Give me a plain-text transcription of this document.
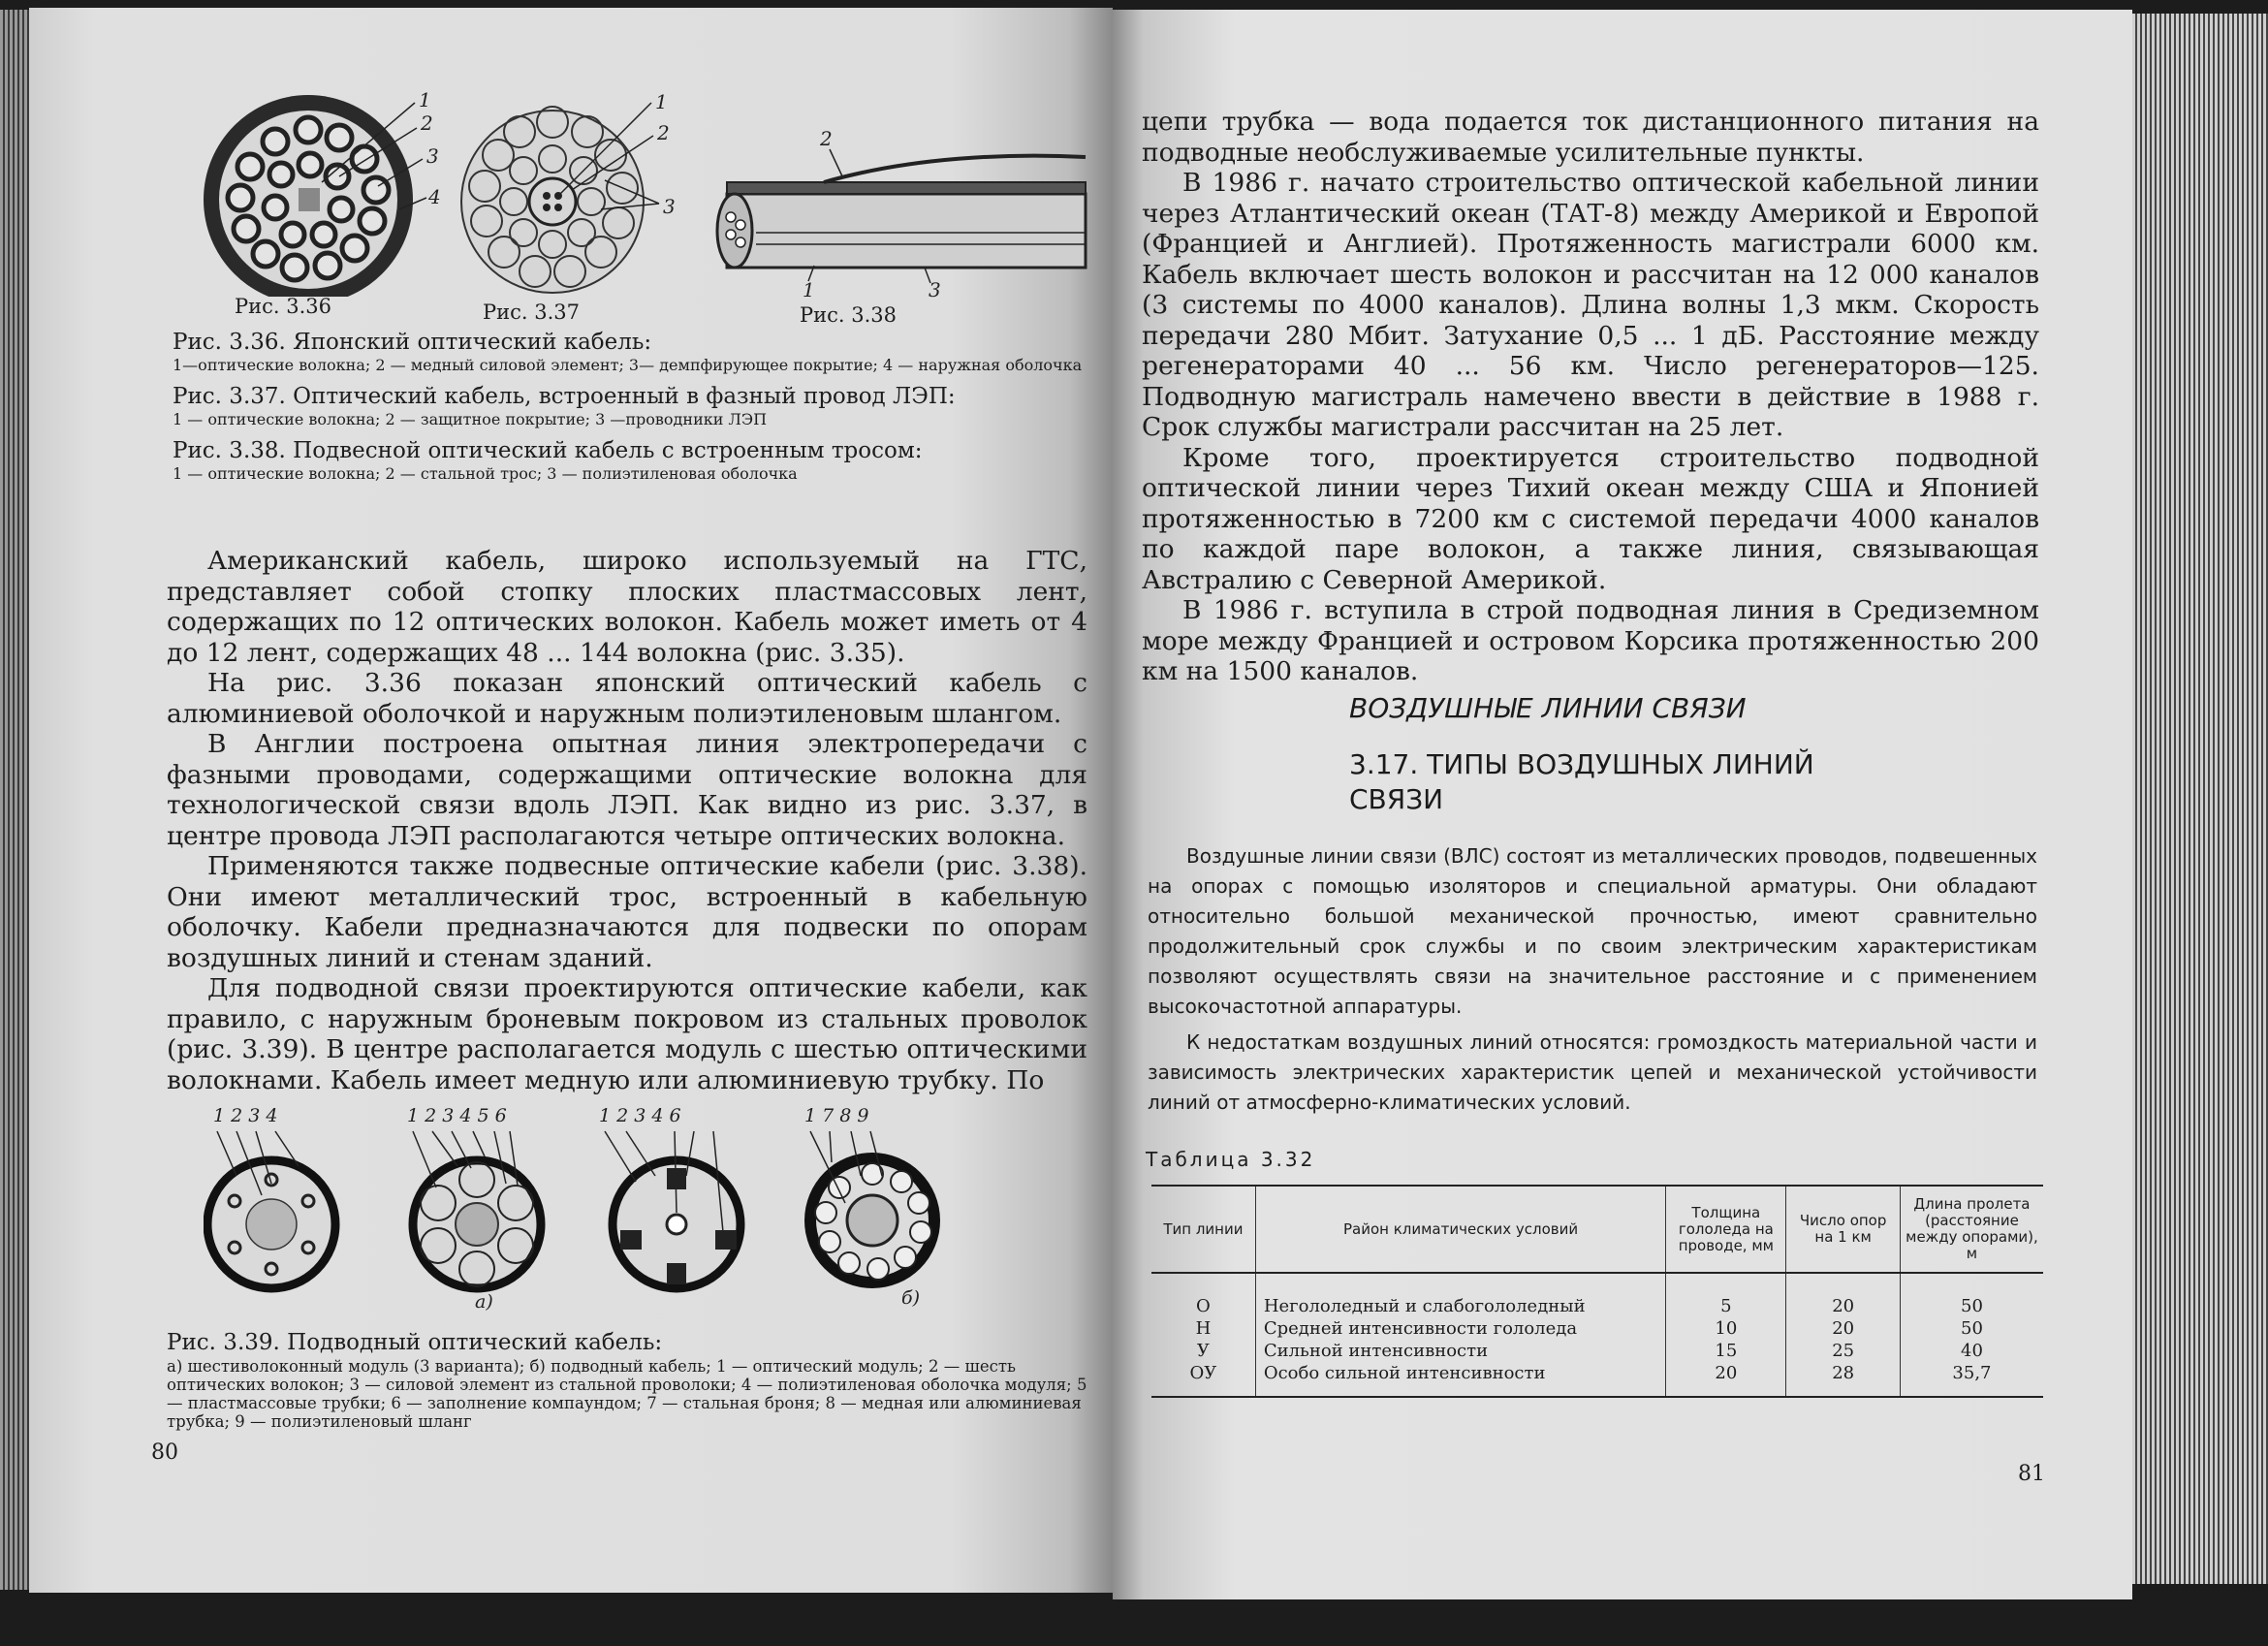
1
2
3
4
Рис. 3.36
1
2
3
Рис. 3.37
2
1	3
Рис. 3.38
Рис. 3.36. Японский оптический кабель:
1—оптические волокна; 2 — медный силовой элемент; 3— демпфирующее покрытие; 4 — наружная оболочка
Рис. 3.37. Оптический кабель, встроенный в фазный провод ЛЭП:
1 — оптические волокна; 2 — защитное покрытие; 3 —проводники ЛЭП
Рис. 3.38. Подвесной оптический кабель с встроенным тросом:
1 — оптические волокна; 2 — стальной трос; 3 — полиэтиленовая оболочка

Американский кабель, широко используемый на ГТС, представляет собой стопку плоских пластмассовых лент, содержащих по 12 оптических волокон. Кабель может иметь от 4 до 12 лент, содержащих 48 ... 144 волокна (рис. 3.35).

На рис. 3.36 показан японский оптический кабель с алюминиевой оболочкой и наружным полиэтиленовым шлангом.

В Англии построена опытная линия электропередачи с фазными проводами, содержащими оптические волокна для технологической связи вдоль ЛЭП. Как видно из рис. 3.37, в центре провода ЛЭП располагаются четыре оптических волокна.

Применяются также подвесные оптические кабели (рис. 3.38). Они имеют металлический трос, встроенный в кабельную оболочку. Кабели предназначаются для подвески по опорам воздушных линий и стенам зданий.

Для подводной связи проектируются оптические кабели, как правило, с наружным броневым покровом из стальных проволок (рис. 3.39). В центре располагается модуль с шестью оптическими волокнами. Кабель имеет медную или алюминиевую трубку. По

1 2 3 4	1 2 3 4 5 6	1 2 3 4 6	1 7 8 9
а)	б)
Рис. 3.39. Подводный оптический кабель:
а) шестиволоконный модуль (3 варианта); б) подводный кабель; 1 — оптический модуль; 2 — шесть оптических волокон; 3 — силовой элемент из стальной проволоки; 4 — полиэтиленовая оболочка модуля; 5 — пластмассовые трубки; 6 — заполнение компаундом; 7 — стальная броня; 8 — медная или алюминиевая трубка; 9 — полиэтиленовый шланг
80

цепи трубка — вода подается ток дистанционного питания на подводные необслуживаемые усилительные пункты.

В 1986 г. начато строительство оптической кабельной линии через Атлантический океан (ТАТ-8) между Америкой и Европой (Францией и Англией). Протяженность магистрали 6000 км. Кабель включает шесть волокон и рассчитан на 12 000 каналов (3 системы по 4000 каналов). Длина волны 1,3 мкм. Скорость передачи 280 Мбит. Затухание 0,5 ... 1 дБ. Расстояние между регенераторами 40 ... 56 км. Число регенераторов—125. Подводную магистраль намечено ввести в действие в 1988 г. Срок службы магистрали рассчитан на 25 лет.

Кроме того, проектируется строительство подводной оптической линии через Тихий океан между США и Японией протяженностью в 7200 км с системой передачи 4000 каналов по каждой паре волокон, а также линия, связывающая Австралию с Северной Америкой.

В 1986 г. вступила в строй подводная линия в Средиземном море между Францией и островом Корсика протяженностью 200 км на 1500 каналов.

ВОЗДУШНЫЕ ЛИНИИ СВЯЗИ
3.17. ТИПЫ ВОЗДУШНЫХ ЛИНИЙ
СВЯЗИ

Воздушные линии связи (ВЛС) состоят из металлических проводов, подвешенных на опорах с помощью изоляторов и специальной арматуры. Они обладают относительно большой механической прочностью, имеют сравнительно продолжительный срок службы и по своим электрическим характеристикам позволяют осуществлять связи на значительное расстояние и с применением высокочастотной аппаратуры.

К недостаткам воздушных линий относятся: громоздкость материальной части и зависимость электрических характеристик цепей и механической устойчивости линий от атмосферно-климатических условий.

Таблица 3.32
Тип линии	Район климатических условий	Толщина гололеда на проводе, мм	Число опор на 1 км	Длина пролета (расстояние между опорами), м
О	Негололедный и слабогололедный	5	20	50
Н	Средней интенсивности гололеда	10	20	50
У	Сильной интенсивности	15	25	40
ОУ	Особо сильной интенсивности	20	28	35,7
81
